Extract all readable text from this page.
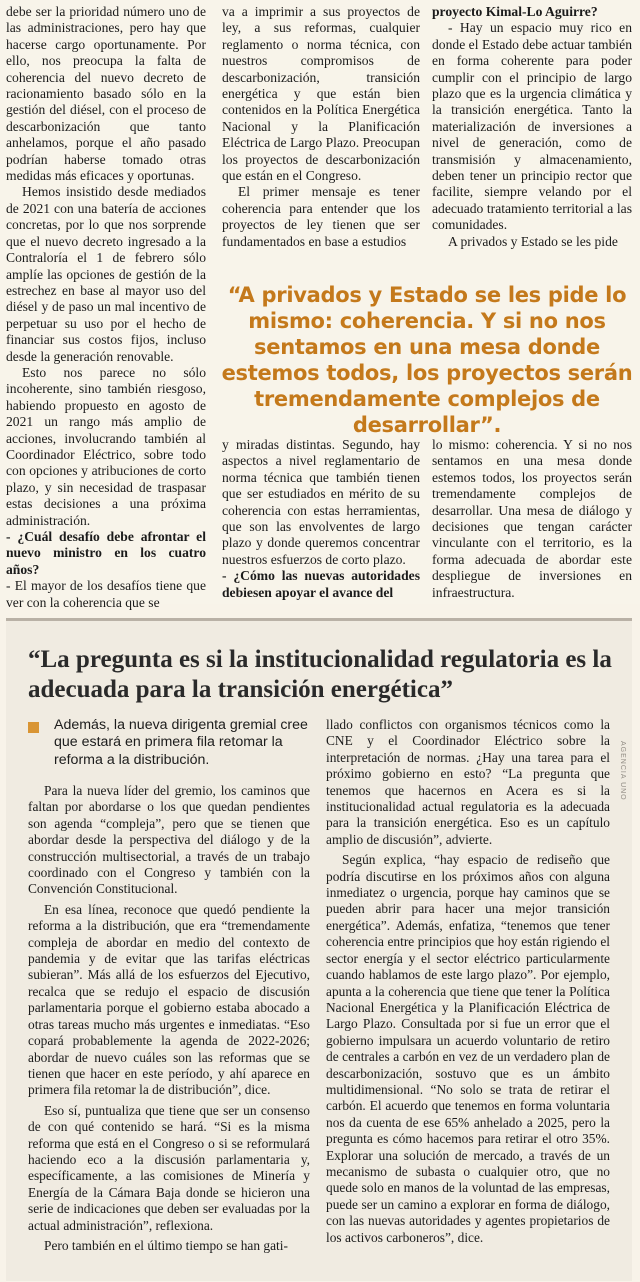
debe ser la prioridad número uno de las administraciones, pero hay que hacerse cargo oportunamente. Por ello, nos preocupa la falta de coherencia del nuevo decreto de racionamiento basado sólo en la gestión del diésel, con el proceso de descarbonización que tanto anhelamos, porque el año pasado podrían haberse tomado otras medidas más eficaces y oportunas.

Hemos insistido desde mediados de 2021 con una batería de acciones concretas, por lo que nos sorprende que el nuevo decreto ingresado a la Contraloría el 1 de febrero sólo amplíe las opciones de gestión de la estrechez en base al mayor uso del diésel y de paso un mal incentivo de perpetuar su uso por el hecho de financiar sus costos fijos, incluso desde la generación renovable.

Esto nos parece no sólo incoherente, sino también riesgoso, habiendo propuesto en agosto de 2021 un rango más amplio de acciones, involucrando también al Coordinador Eléctrico, sobre todo con opciones y atribuciones de corto plazo, y sin necesidad de traspasar estas decisiones a una próxima administración.

- ¿Cuál desafío debe afrontar el nuevo ministro en los cuatro años?

- El mayor de los desafíos tiene que ver con la coherencia que se

va a imprimir a sus proyectos de ley, a sus reformas, cualquier reglamento o norma técnica, con nuestros compromisos de descarbonización, transición energética y que están bien contenidos en la Política Energética Nacional y la Planificación Eléctrica de Largo Plazo. Preocupan los proyectos de descarbonización que están en el Congreso.

El primer mensaje es tener coherencia para entender que los proyectos de ley tienen que ser fundamentados en base a estudios

proyecto Kimal-Lo Aguirre?

- Hay un espacio muy rico en donde el Estado debe actuar también en forma coherente para poder cumplir con el principio de largo plazo que es la urgencia climática y la transición energética. Tanto la materialización de inversiones a nivel de generación, como de transmisión y almacenamiento, deben tener un principio rector que facilite, siempre velando por el adecuado tratamiento territorial a las comunidades.

A privados y Estado se les pide

“A privados y Estado se les pide lo mismo: coherencia. Y si no nos sentamos en una mesa donde estemos todos, los proyectos serán tremendamente complejos de desarrollar”.

y miradas distintas. Segundo, hay aspectos a nivel reglamentario de norma técnica que también tienen que ser estudiados en mérito de su coherencia con estas herramientas, que son las envolventes de largo plazo y donde queremos concentrar nuestros esfuerzos de corto plazo.

- ¿Cómo las nuevas autoridades debiesen apoyar el avance del

lo mismo: coherencia. Y si no nos sentamos en una mesa donde estemos todos, los proyectos serán tremendamente complejos de desarrollar. Una mesa de diálogo y decisiones que tengan carácter vinculante con el territorio, es la forma adecuada de abordar este despliegue de inversiones en infraestructura.

“La pregunta es si la institucionalidad regulatoria es la adecuada para la transición energética”
AGENCIA UNO
Además, la nueva dirigenta gremial cree que estará en primera fila retomar la reforma a la distribución.

Para la nueva líder del gremio, los caminos que faltan por abordarse o los que quedan pendientes son agenda “compleja”, pero que se tienen que abordar desde la perspectiva del diálogo y de la construcción multisectorial, a través de un trabajo coordinado con el Congreso y también con la Convención Constitucional.

En esa línea, reconoce que quedó pendiente la reforma a la distribución, que era “tremendamente compleja de abordar en medio del contexto de pandemia y de evitar que las tarifas eléctricas subieran”. Más allá de los esfuerzos del Ejecutivo, recalca que se redujo el espacio de discusión parlamentaria porque el gobierno estaba abocado a otras tareas mucho más urgentes e inmediatas. “Eso copará probablemente la agenda de 2022-2026; abordar de nuevo cuáles son las reformas que se tienen que hacer en este período, y ahí aparece en primera fila retomar la de distribución”, dice.

Eso sí, puntualiza que tiene que ser un consenso de con qué contenido se hará. “Si es la misma reforma que está en el Congreso o si se reformulará haciendo eco a la discusión parlamentaria y, específicamente, a las comisiones de Minería y Energía de la Cámara Baja donde se hicieron una serie de indicaciones que deben ser evaluadas por la actual administración”, reflexiona.

Pero también en el último tiempo se han gati-

llado conflictos con organismos técnicos como la CNE y el Coordinador Eléctrico sobre la interpretación de normas. ¿Hay una tarea para el próximo gobierno en esto? “La pregunta que tenemos que hacernos en Acera es si la institucionalidad actual regulatoria es la adecuada para la transición energética. Eso es un capítulo amplio de discusión”, advierte.

Según explica, “hay espacio de rediseño que podría discutirse en los próximos años con alguna inmediatez o urgencia, porque hay caminos que se pueden abrir para hacer una mejor transición energética”. Además, enfatiza, “tenemos que tener coherencia entre principios que hoy están rigiendo el sector energía y el sector eléctrico particularmente cuando hablamos de este largo plazo”. Por ejemplo, apunta a la coherencia que tiene que tener la Política Nacional Energética y la Planificación Eléctrica de Largo Plazo. Consultada por si fue un error que el gobierno impulsara un acuerdo voluntario de retiro de centrales a carbón en vez de un verdadero plan de descarbonización, sostuvo que es un ámbito multidimensional. “No solo se trata de retirar el carbón. El acuerdo que tenemos en forma voluntaria nos da cuenta de ese 65% anhelado a 2025, pero la pregunta es cómo hacemos para retirar el otro 35%. Explorar una solución de mercado, a través de un mecanismo de subasta o cualquier otro, que no quede solo en manos de la voluntad de las empresas, puede ser un camino a explorar en forma de diálogo, con las nuevas autoridades y agentes propietarios de los activos carboneros”, dice.
